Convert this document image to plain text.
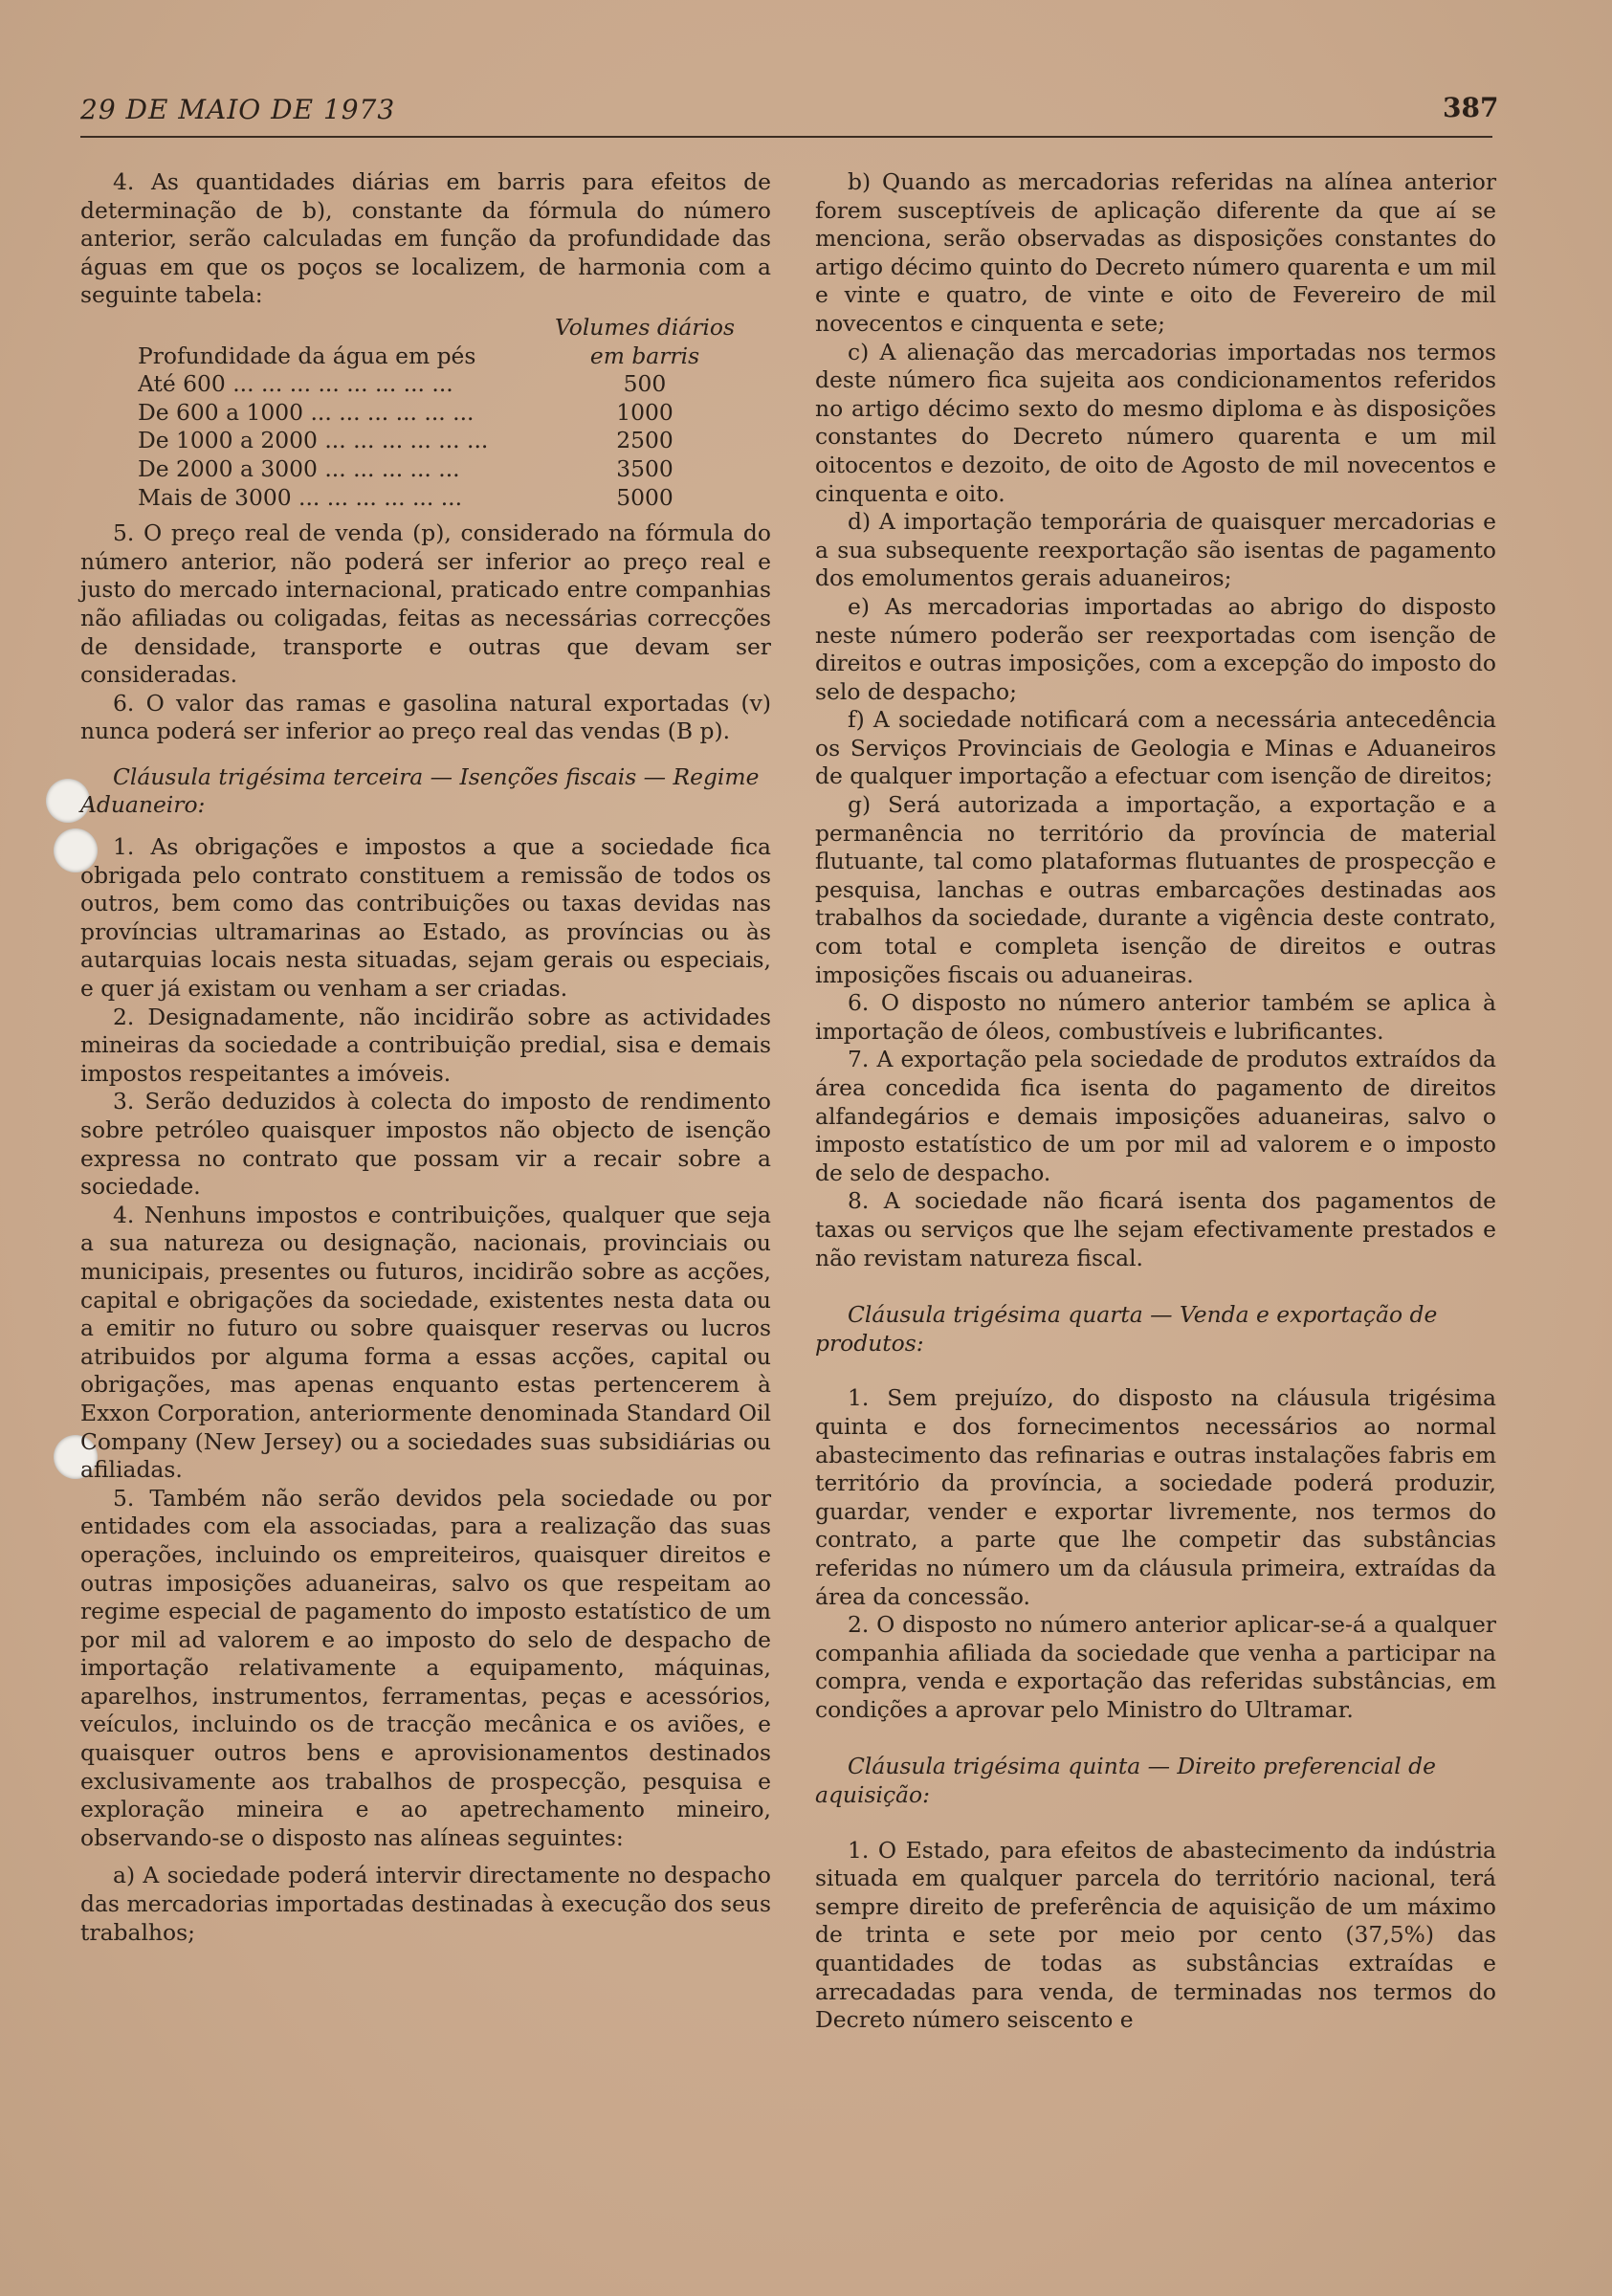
29 DE MAIO DE 1973	387

4. As quantidades diárias em barris para efeitos de determinação de b), constante da fórmula do número anterior, serão calculadas em função da profundidade das águas em que os poços se localizem, de harmonia com a seguinte tabela:

Volumes diários
Profundidade da água em pés	em barris
Até 600 ... ... ... ... ... ... ... ...	500
De 600 a 1000 ... ... ... ... ... ...	1000
De 1000 a 2000 ... ... ... ... ... ...	2500
De 2000 a 3000 ... ... ... ... ...	3500
Mais de 3000 ... ... ... ... ... ...	5000

5. O preço real de venda (p), considerado na fórmula do número anterior, não poderá ser inferior ao preço real e justo do mercado internacional, praticado entre companhias não afiliadas ou coligadas, feitas as necessárias correcções de densidade, transporte e outras que devam ser consideradas.

6. O valor das ramas e gasolina natural exportadas (v) nunca poderá ser inferior ao preço real das vendas (B p).

Cláusula trigésima terceira — Isenções fiscais — Regime Aduaneiro:

1. As obrigações e impostos a que a sociedade fica obrigada pelo contrato constituem a remissão de todos os outros, bem como das contribuições ou taxas devidas nas províncias ultramarinas ao Estado, as províncias ou às autarquias locais nesta situadas, sejam gerais ou especiais, e quer já existam ou venham a ser criadas.

2. Designadamente, não incidirão sobre as actividades mineiras da sociedade a contribuição predial, sisa e demais impostos respeitantes a imóveis.

3. Serão deduzidos à colecta do imposto de rendimento sobre petróleo quaisquer impostos não objecto de isenção expressa no contrato que possam vir a recair sobre a sociedade.

4. Nenhuns impostos e contribuições, qualquer que seja a sua natureza ou designação, nacionais, provinciais ou municipais, presentes ou futuros, incidirão sobre as acções, capital e obrigações da sociedade, existentes nesta data ou a emitir no futuro ou sobre quaisquer reservas ou lucros atribuidos por alguma forma a essas acções, capital ou obrigações, mas apenas enquanto estas pertencerem à Exxon Corporation, anteriormente denominada Standard Oil Company (New Jersey) ou a sociedades suas subsidiárias ou afiliadas.

5. Também não serão devidos pela sociedade ou por entidades com ela associadas, para a realização das suas operações, incluindo os empreiteiros, quaisquer direitos e outras imposições aduaneiras, salvo os que respeitam ao regime especial de pagamento do imposto estatístico de um por mil ad valorem e ao imposto do selo de despacho de importação relativamente a equipamento, máquinas, aparelhos, instrumentos, ferramentas, peças e acessórios, veículos, incluindo os de tracção mecânica e os aviões, e quaisquer outros bens e aprovisionamentos destinados exclusivamente aos trabalhos de prospecção, pesquisa e exploração mineira e ao apetrechamento mineiro, observando-se o disposto nas alíneas seguintes:

a) A sociedade poderá intervir directamente no despacho das mercadorias importadas destinadas à execução dos seus trabalhos;

b) Quando as mercadorias referidas na alínea anterior forem susceptíveis de aplicação diferente da que aí se menciona, serão observadas as disposições constantes do artigo décimo quinto do Decreto número quarenta e um mil e vinte e quatro, de vinte e oito de Fevereiro de mil novecentos e cinquenta e sete;

c) A alienação das mercadorias importadas nos termos deste número fica sujeita aos condicionamentos referidos no artigo décimo sexto do mesmo diploma e às disposições constantes do Decreto número quarenta e um mil oitocentos e dezoito, de oito de Agosto de mil novecentos e cinquenta e oito.

d) A importação temporária de quaisquer mercadorias e a sua subsequente reexportação são isentas de pagamento dos emolumentos gerais aduaneiros;

e) As mercadorias importadas ao abrigo do disposto neste número poderão ser reexportadas com isenção de direitos e outras imposições, com a excepção do imposto do selo de despacho;

f) A sociedade notificará com a necessária antecedência os Serviços Provinciais de Geologia e Minas e Aduaneiros de qualquer importação a efectuar com isenção de direitos;

g) Será autorizada a importação, a exportação e a permanência no território da província de material flutuante, tal como plataformas flutuantes de prospecção e pesquisa, lanchas e outras embarcações destinadas aos trabalhos da sociedade, durante a vigência deste contrato, com total e completa isenção de direitos e outras imposições fiscais ou aduaneiras.

6. O disposto no número anterior também se aplica à importação de óleos, combustíveis e lubrificantes.

7. A exportação pela sociedade de produtos extraídos da área concedida fica isenta do pagamento de direitos alfandegários e demais imposições aduaneiras, salvo o imposto estatístico de um por mil ad valorem e o imposto de selo de despacho.

8. A sociedade não ficará isenta dos pagamentos de taxas ou serviços que lhe sejam efectivamente prestados e não revistam natureza fiscal.

Cláusula trigésima quarta — Venda e exportação de produtos:

1. Sem prejuízo, do disposto na cláusula trigésima quinta e dos fornecimentos necessários ao normal abastecimento das refinarias e outras instalações fabris em território da província, a sociedade poderá produzir, guardar, vender e exportar livremente, nos termos do contrato, a parte que lhe competir das substâncias referidas no número um da cláusula primeira, extraídas da área da concessão.

2. O disposto no número anterior aplicar-se-á a qualquer companhia afiliada da sociedade que venha a participar na compra, venda e exportação das referidas substâncias, em condições a aprovar pelo Ministro do Ultramar.

Cláusula trigésima quinta — Direito preferencial de aquisição:

1. O Estado, para efeitos de abastecimento da indústria situada em qualquer parcela do território nacional, terá sempre direito de preferência de aquisição de um máximo de trinta e sete por meio por cento (37,5%) das quantidades de todas as substâncias extraídas e arrecadadas para venda, de terminadas nos termos do Decreto número seiscento e
